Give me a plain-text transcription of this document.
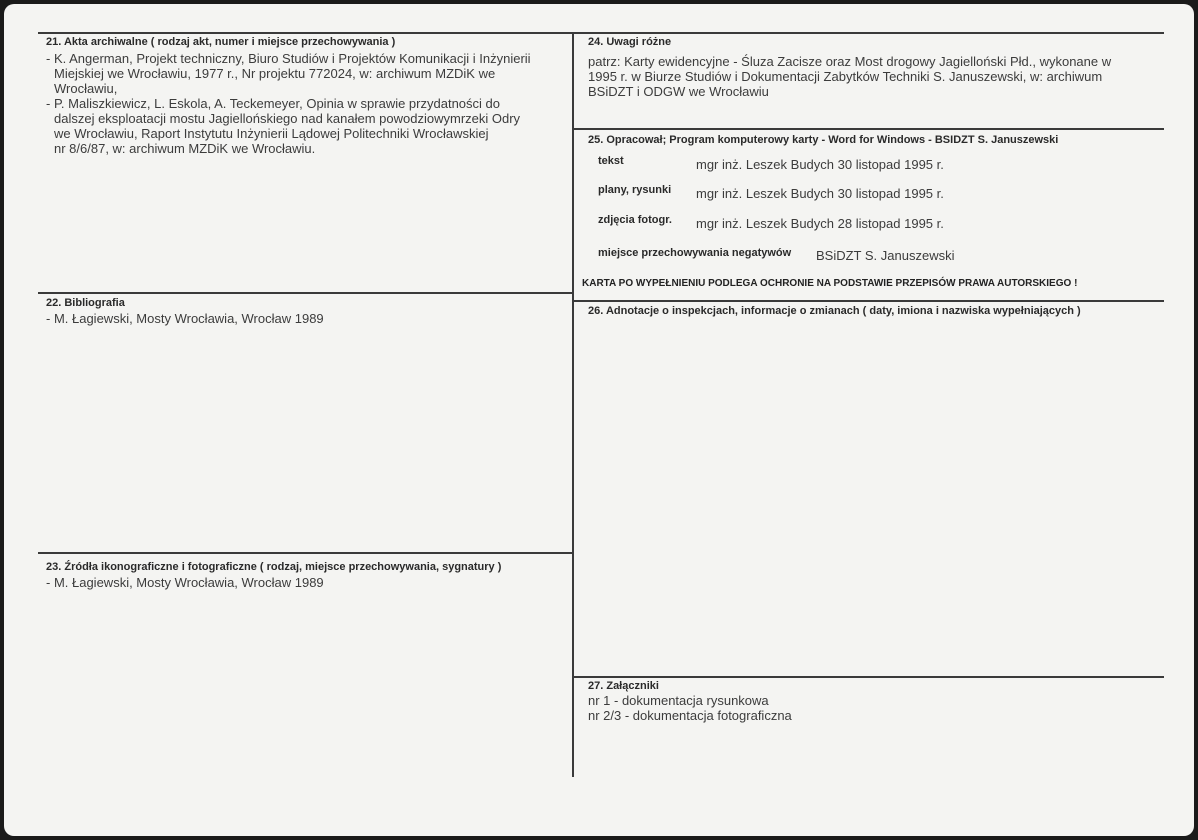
21. Akta archiwalne ( rodzaj akt, numer i miejsce przechowywania )

- K. Angerman, Projekt techniczny, Biuro Studiów i Projektów Komunikacji i Inżynierii

Miejskiej we Wrocławiu, 1977 r., Nr projektu 772024, w: archiwum MZDiK we

Wrocławiu,

- P. Maliszkiewicz, L. Eskola, A. Teckemeyer, Opinia w sprawie przydatności do

dalszej eksploatacji mostu Jagiellońskiego nad kanałem powodziowymrzeki Odry

we Wrocławiu, Raport Instytutu Inżynierii Lądowej Politechniki Wrocławskiej

nr 8/6/87, w: archiwum MZDiK we Wrocławiu.

22. Bibliografia

- M. Łagiewski, Mosty Wrocławia, Wrocław 1989

23. Źródła ikonograficzne i fotograficzne ( rodzaj, miejsce przechowywania, sygnatury )

- M. Łagiewski, Mosty Wrocławia, Wrocław 1989

24. Uwagi różne

patrz: Karty ewidencyjne - Śluza Zacisze oraz Most drogowy Jagielloński Płd., wykonane w

1995 r. w Biurze Studiów i Dokumentacji Zabytków Techniki S. Januszewski, w: archiwum

BSiDZT i ODGW we Wrocławiu

25. Opracował; Program komputerowy karty - Word for Windows - BSIDZT S. Januszewski
tekst	mgr inż. Leszek Budych 30 listopad 1995 r.
plany, rysunki mgr inż. Leszek Budych 30 listopad 1995 r.
zdjęcia fotogr. mgr inż. Leszek Budych 28 listopad 1995 r.
miejsce przechowywania negatywów BSiDZT S. Januszewski
KARTA PO WYPEŁNIENIU PODLEGA OCHRONIE NA PODSTAWIE PRZEPISÓW PRAWA AUTORSKIEGO !
26. Adnotacje o inspekcjach, informacje o zmianach ( daty, imiona i nazwiska wypełniających )
27. Załączniki

nr 1 - dokumentacja rysunkowa

nr 2/3 - dokumentacja fotograficzna
